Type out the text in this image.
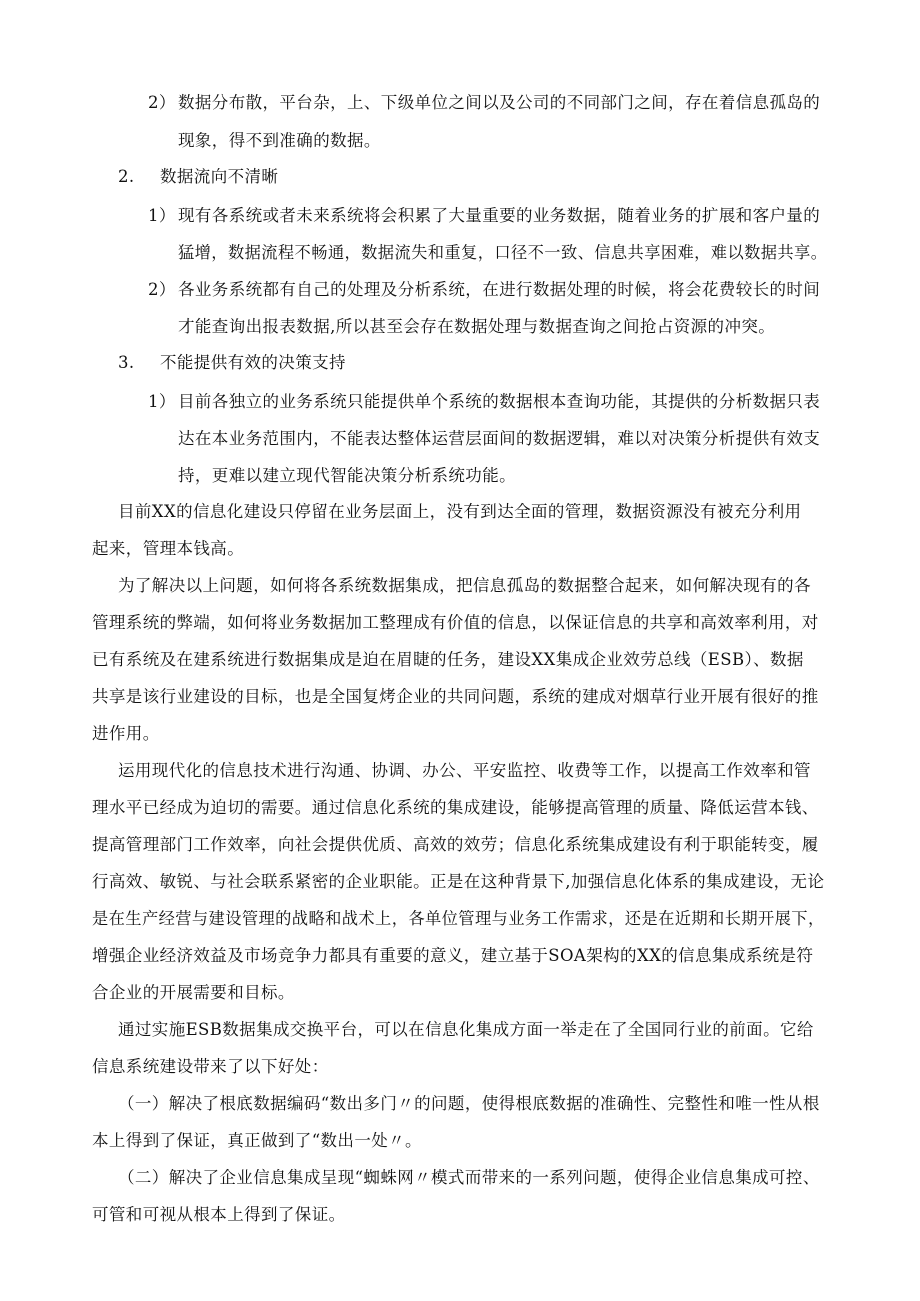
2） 数据分布散，平台杂，上、下级单位之间以及公司的不同部门之间，存在着信息孤岛的
现象，得不到准确的数据。
2. 数据流向不清晰
1） 现有各系统或者未来系统将会积累了大量重要的业务数据，随着业务的扩展和客户量的
猛增，数据流程不畅通，数据流失和重复，口径不一致、信息共享困难，难以数据共享。
2） 各业务系统都有自己的处理及分析系统，在进行数据处理的时候，将会花费较长的时间
才能查询出报表数据,所以甚至会存在数据处理与数据查询之间抢占资源的冲突。
3. 不能提供有效的决策支持
1） 目前各独立的业务系统只能提供单个系统的数据根本查询功能，其提供的分析数据只表
达在本业务范围内，不能表达整体运营层面间的数据逻辑，难以对决策分析提供有效支
持，更难以建立现代智能决策分析系统功能。
目前XX的信息化建设只停留在业务层面上，没有到达全面的管理，数据资源没有被充分利用
起来，管理本钱高。
为了解决以上问题，如何将各系统数据集成，把信息孤岛的数据整合起来，如何解决现有的各
管理系统的弊端，如何将业务数据加工整理成有价值的信息，以保证信息的共享和高效率利用，对
已有系统及在建系统进行数据集成是迫在眉睫的任务，建设XX集成企业效劳总线（ESB）、数据
共享是该行业建设的目标，也是全国复烤企业的共同问题，系统的建成对烟草行业开展有很好的推
进作用。
运用现代化的信息技术进行沟通、协调、办公、平安监控、收费等工作，以提高工作效率和管
理水平已经成为迫切的需要。通过信息化系统的集成建设，能够提高管理的质量、降低运营本钱、
提高管理部门工作效率，向社会提供优质、高效的效劳；信息化系统集成建设有利于职能转变，履
行高效、敏锐、与社会联系紧密的企业职能。正是在这种背景下,加强信息化体系的集成建设，无论
是在生产经营与建设管理的战略和战术上，各单位管理与业务工作需求，还是在近期和长期开展下，
增强企业经济效益及市场竞争力都具有重要的意义，建立基于SOA架构的XX的信息集成系统是符
合企业的开展需要和目标。
通过实施ESB数据集成交换平台，可以在信息化集成方面一举走在了全国同行业的前面。它给
信息系统建设带来了以下好处：
（一）解决了根底数据编码“数出多门〃的问题，使得根底数据的准确性、完整性和唯一性从根
本上得到了保证，真正做到了“数出一处〃。
（二）解决了企业信息集成呈现“蜘蛛网〃模式而带来的一系列问题，使得企业信息集成可控、
可管和可视从根本上得到了保证。
